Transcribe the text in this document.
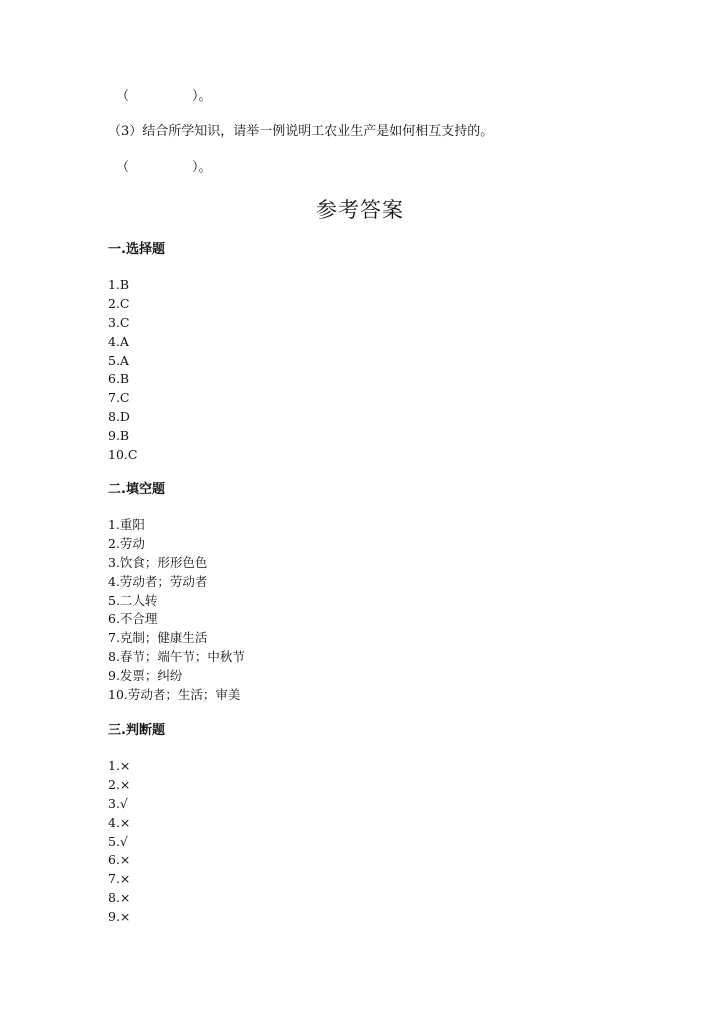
（	）。
（3）结合所学知识，请举一例说明工农业生产是如何相互支持的。
（	）。
参考答案
一.选择题
1.B
2.C
3.C
4.A
5.A
6.B
7.C
8.D
9.B
10.C
二.填空题
1.重阳
2.劳动
3.饮食；形形色色
4.劳动者；劳动者
5.二人转
6.不合理
7.克制；健康生活
8.春节；端午节；中秋节
9.发票；纠纷
10.劳动者；生活；审美
三.判断题
1.×
2.×
3.√
4.×
5.√
6.×
7.×
8.×
9.×
